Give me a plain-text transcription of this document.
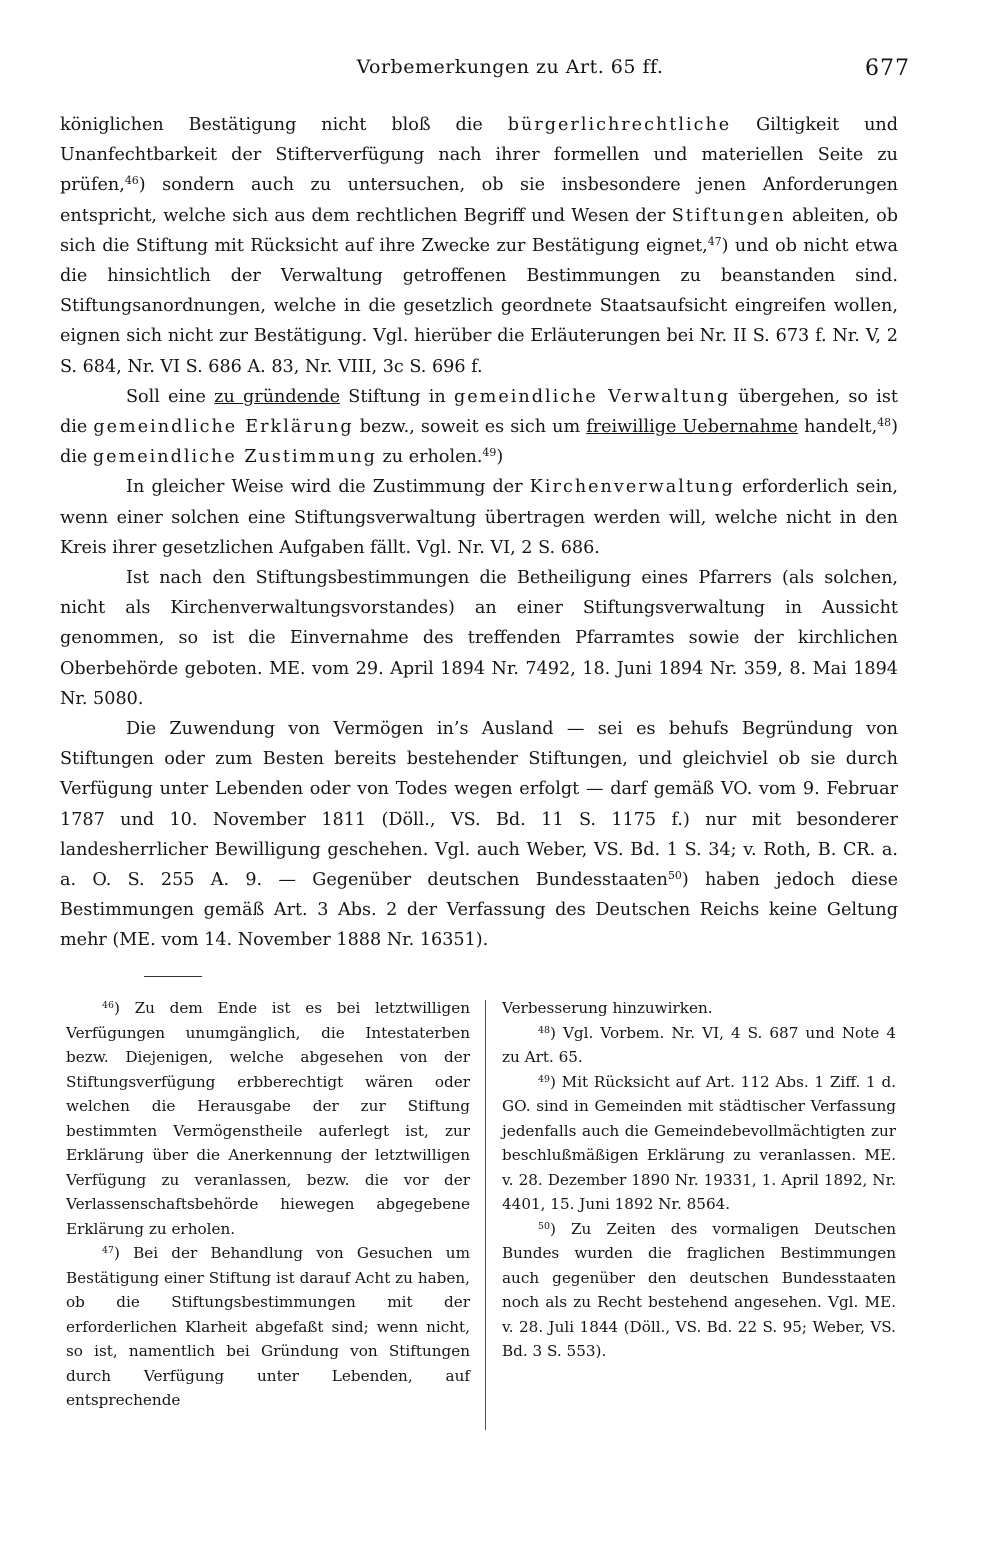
Vorbemerkungen zu Art. 65 ff.	677

königlichen Bestätigung nicht bloß die bürgerlichrechtliche Giltigkeit und Unanfechtbarkeit der Stifterverfügung nach ihrer formellen und materiellen Seite zu prüfen,$^{46}$) sondern auch zu untersuchen, ob sie insbesondere jenen Anforderungen entspricht, welche sich aus dem rechtlichen Begriff und Wesen der Stiftungen ableiten, ob sich die Stiftung mit Rücksicht auf ihre Zwecke zur Bestätigung eignet,$^{47}$) und ob nicht etwa die hinsichtlich der Verwaltung getroffenen Bestimmungen zu beanstanden sind. Stiftungsanordnungen, welche in die gesetzlich geordnete Staatsaufsicht eingreifen wollen, eignen sich nicht zur Bestätigung. Vgl. hierüber die Erläuterungen bei Nr. II S. 673 f. Nr. V, 2 S. 684, Nr. VI S. 686 A. 83, Nr. VIII, 3c S. 696 f.

Soll eine zu gründende Stiftung in gemeindliche Verwaltung übergehen, so ist die gemeindliche Erklärung bezw., soweit es sich um freiwillige Uebernahme handelt,$^{48}$) die gemeindliche Zustimmung zu erholen.$^{49}$)

In gleicher Weise wird die Zustimmung der Kirchenverwaltung erforderlich sein, wenn einer solchen eine Stiftungsverwaltung übertragen werden will, welche nicht in den Kreis ihrer gesetzlichen Aufgaben fällt. Vgl. Nr. VI, 2 S. 686.

Ist nach den Stiftungsbestimmungen die Betheiligung eines Pfarrers (als solchen, nicht als Kirchenverwaltungsvorstandes) an einer Stiftungsverwaltung in Aussicht genommen, so ist die Einvernahme des treffenden Pfarramtes sowie der kirchlichen Oberbehörde geboten. ME. vom 29. April 1894 Nr. 7492, 18. Juni 1894 Nr. 359, 8. Mai 1894 Nr. 5080.

Die Zuwendung von Vermögen in’s Ausland — sei es behufs Begründung von Stiftungen oder zum Besten bereits bestehender Stiftungen, und gleichviel ob sie durch Verfügung unter Lebenden oder von Todes wegen erfolgt — darf gemäß VO. vom 9. Februar 1787 und 10. November 1811 (Döll., VS. Bd. 11 S. 1175 f.) nur mit besonderer landesherrlicher Bewilligung geschehen. Vgl. auch Weber, VS. Bd. 1 S. 34; v. Roth, B. CR. a. a. O. S. 255 A. 9. — Gegenüber deutschen Bundesstaaten$^{50}$) haben jedoch diese Bestimmungen gemäß Art. 3 Abs. 2 der Verfassung des Deutschen Reichs keine Geltung mehr (ME. vom 14. November 1888 Nr. 16351).

$^{46}$) Zu dem Ende ist es bei letztwilligen Verfügungen unumgänglich, die Intestaterben bezw. Diejenigen, welche abgesehen von der Stiftungsverfügung erbberechtigt wären oder welchen die Herausgabe der zur Stiftung bestimmten Vermögenstheile auferlegt ist, zur Erklärung über die Anerkennung der letztwilligen Verfügung zu veranlassen, bezw. die vor der Verlassenschaftsbehörde hiewegen abgegebene Erklärung zu erholen.

$^{47}$) Bei der Behandlung von Gesuchen um Bestätigung einer Stiftung ist darauf Acht zu haben, ob die Stiftungsbestimmungen mit der erforderlichen Klarheit abgefaßt sind; wenn nicht, so ist, namentlich bei Gründung von Stiftungen durch Verfügung unter Lebenden, auf entsprechende

Verbesserung hinzuwirken.

$^{48}$) Vgl. Vorbem. Nr. VI, 4 S. 687 und Note 4 zu Art. 65.

$^{49}$) Mit Rücksicht auf Art. 112 Abs. 1 Ziff. 1 d. GO. sind in Gemeinden mit städtischer Verfassung jedenfalls auch die Gemeindebevollmächtigten zur beschlußmäßigen Erklärung zu veranlassen. ME. v. 28. Dezember 1890 Nr. 19331, 1. April 1892, Nr. 4401, 15. Juni 1892 Nr. 8564.

$^{50}$) Zu Zeiten des vormaligen Deutschen Bundes wurden die fraglichen Bestimmungen auch gegenüber den deutschen Bundesstaaten noch als zu Recht bestehend angesehen. Vgl. ME. v. 28. Juli 1844 (Döll., VS. Bd. 22 S. 95; Weber, VS. Bd. 3 S. 553).
